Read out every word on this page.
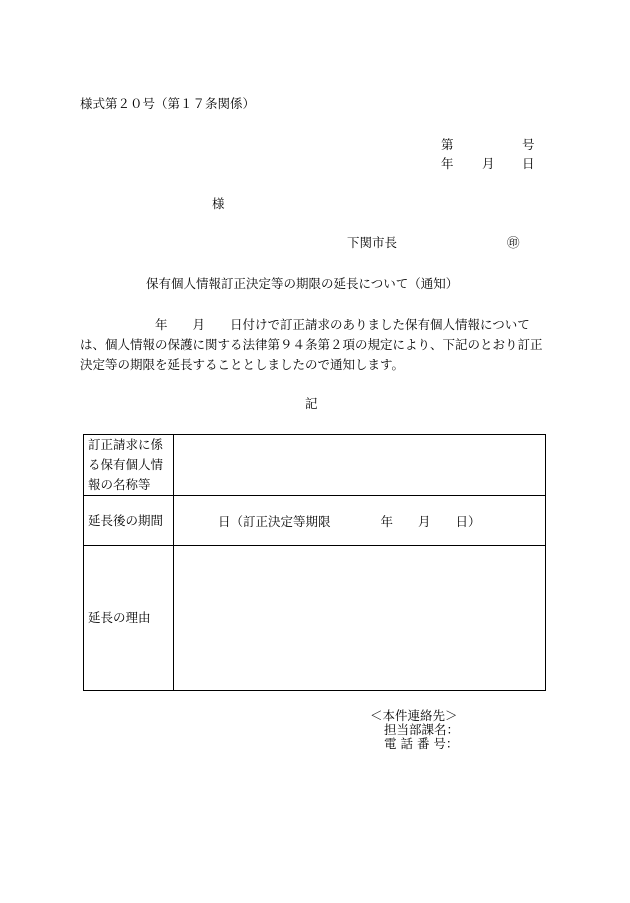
様式第２０号（第１７条関係）
第	号
年 月 日
様
下関市長	㊞
保有個人情報訂正決定等の期限の延長について（通知）
　　　　　　年　　月　　日付けで訂正請求のありました保有個人情報については、個人情報の保護に関する法律第９４条第２項の規定により、下記のとおり訂正決定等の期限を延長することとしましたので通知します。
記
訂正請求に係る保有個人情報の名称等	
延長後の期間	日（訂正決定等期限　　　　年　　月　　日）
延長の理由	
＜本件連絡先＞
担当部課名：
電 話 番 号：
